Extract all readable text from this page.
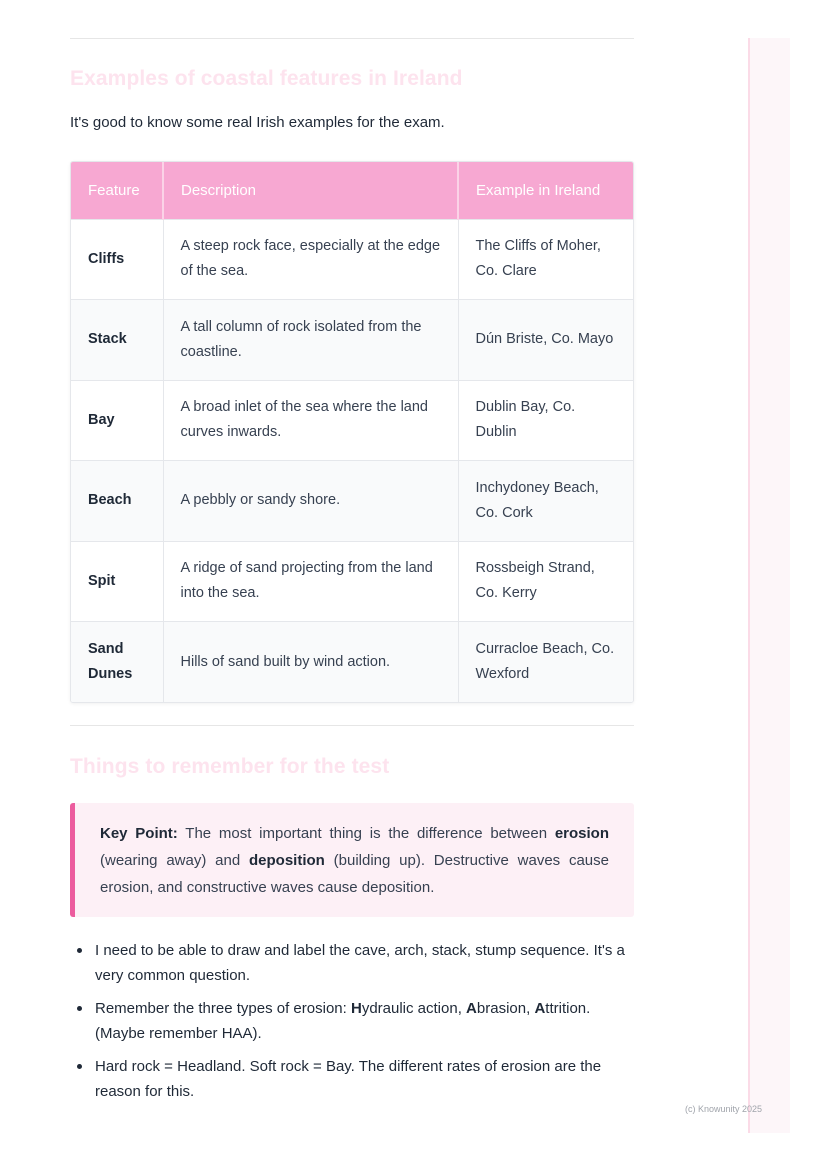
Examples of coastal features in Ireland

It's good to know some real Irish examples for the exam.

Feature	Description	Example in Ireland
Cliffs	A steep rock face, especially at the edge of the sea.	The Cliffs of Moher, Co. Clare
Stack	A tall column of rock isolated from the coastline.	Dún Briste, Co. Mayo
Bay	A broad inlet of the sea where the land curves inwards.	Dublin Bay, Co. Dublin
Beach	A pebbly or sandy shore.	Inchydoney Beach, Co. Cork
Spit	A ridge of sand projecting from the land into the sea.	Rossbeigh Strand, Co. Kerry
Sand Dunes	Hills of sand built by wind action.	Curracloe Beach, Co. Wexford
Things to remember for the test
Key Point: The most important thing is the difference between erosion (wearing away) and deposition (building up). Destructive waves cause erosion, and constructive waves cause deposition.
I need to be able to draw and label the cave, arch, stack, stump sequence. It's a very common question.
Remember the three types of erosion: Hydraulic action, Abrasion, Attrition. (Maybe remember HAA).
Hard rock = Headland. Soft rock = Bay. The different rates of erosion are the reason for this.
(c) Knowunity 2025
